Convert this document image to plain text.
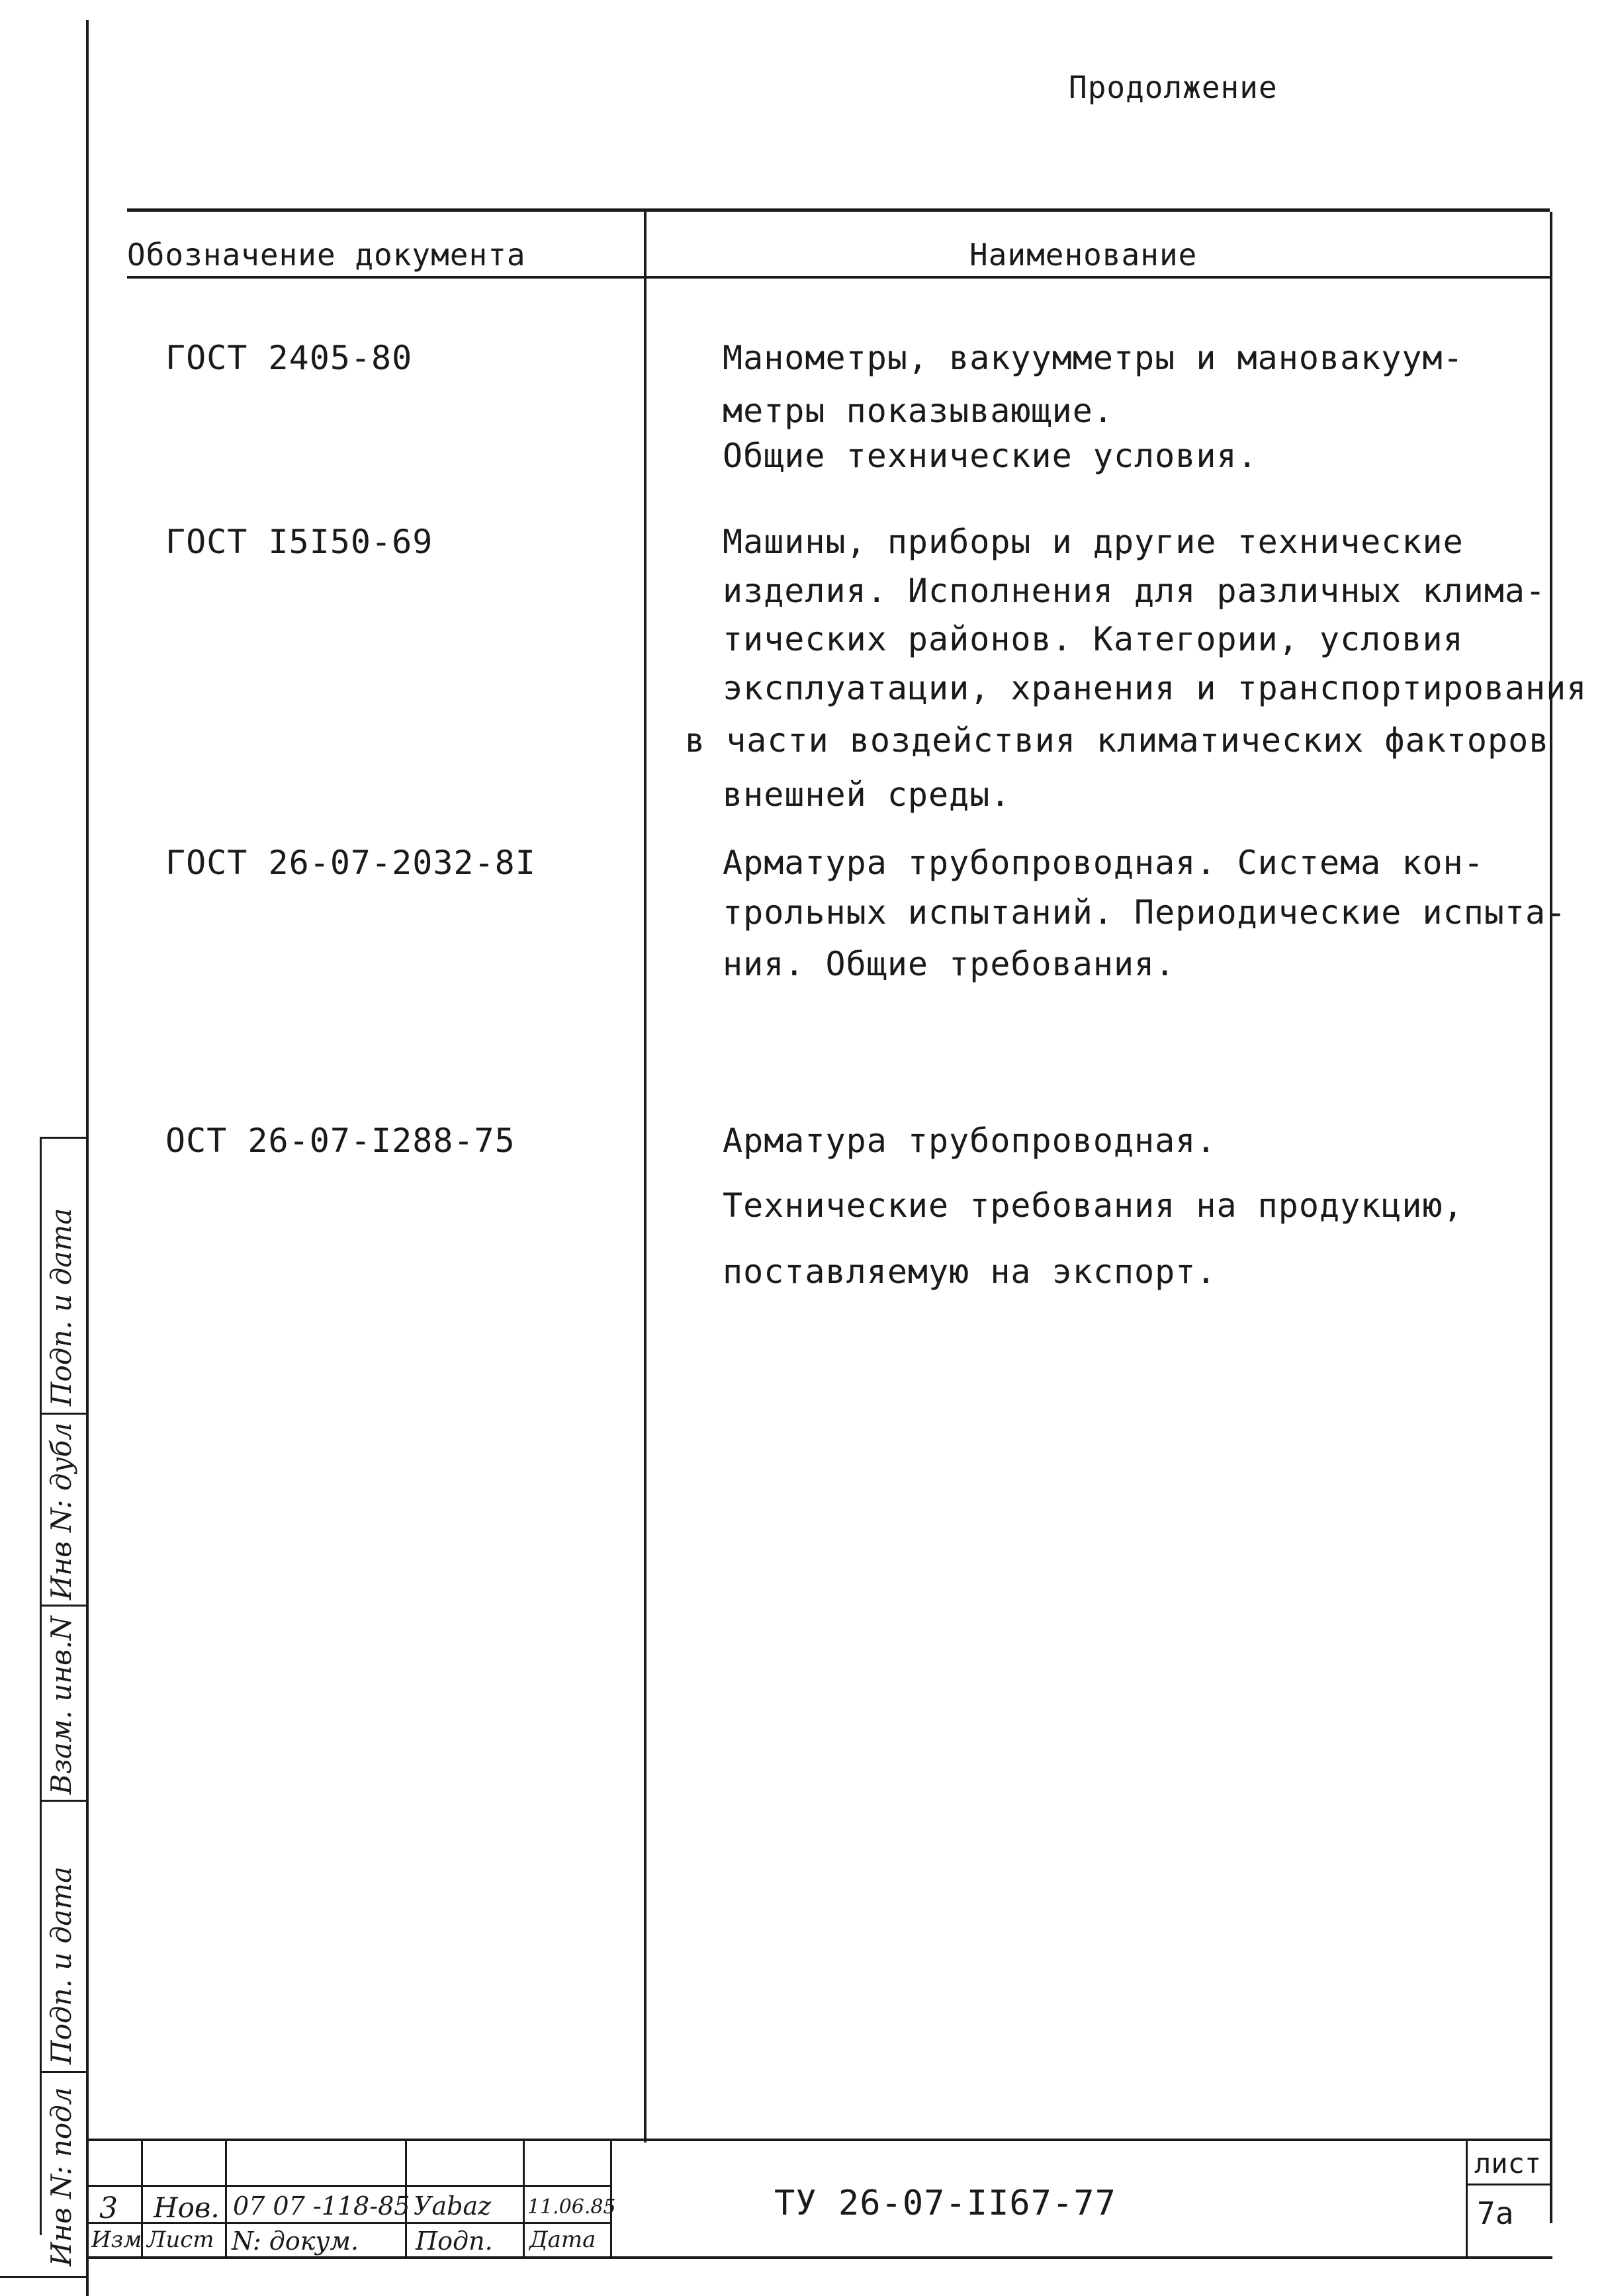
Продолжение
Обозначение документа	Наименование
ГОСТ 2405-80	Манометры, вакуумметры и мановакуум-
метры показывающие.
Общие технические условия.
ГОСТ I5I50-69	Машины, приборы и другие технические
изделия. Исполнения для различных клима-
тических районов. Категории, условия
эксплуатации, хранения и транспортирования
в части воздействия климатических факторов
внешней среды.
ГОСТ 26-07-2032-8I	Арматура трубопроводная. Система кон-
трольных испытаний. Периодические испыта-
ния. Общие требования.
ОСТ 26-07-I288-75	Арматура трубопроводная.
Технические требования на продукцию,
поставляемую на экспорт.
Инв N: подл
Подп. и дата
Взам. инв.N
Инв N: дубл
Подп. и дата
3 Нов. 07 07 -118-85 Уabaz 11.06.85
Изм Лист N: докум. Подп. Дата
ТУ 26-07-II67-77
лист
7а
